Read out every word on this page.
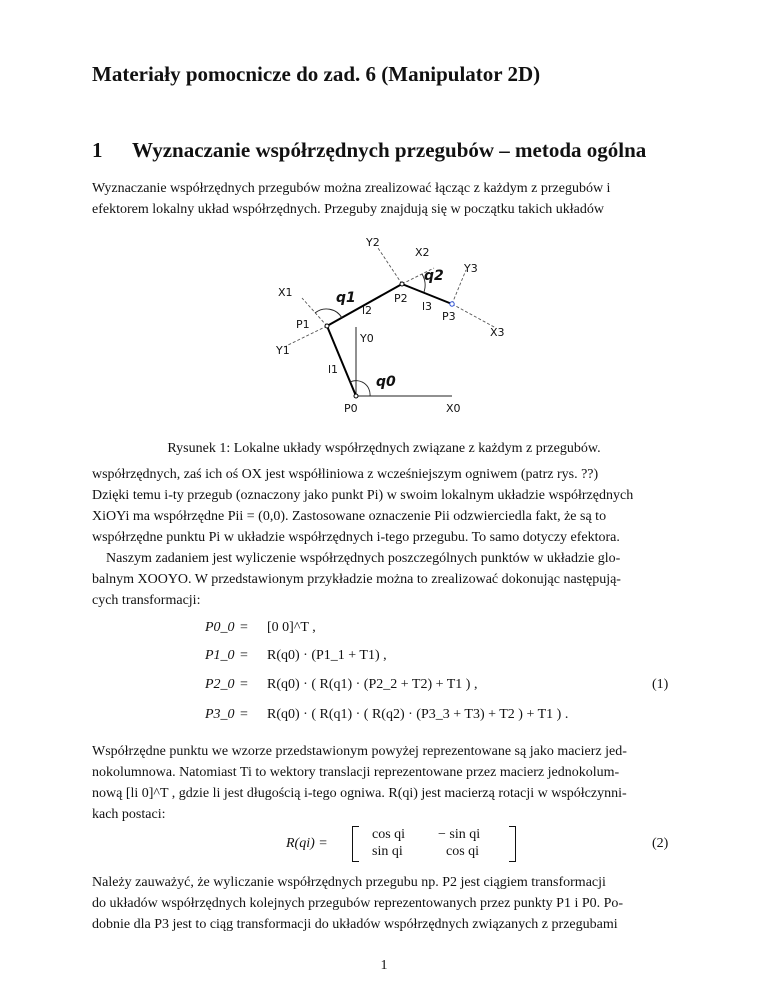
Materiały pomocnicze do zad. 6 (Manipulator 2D)
1 Wyznaczanie współrzędnych przegubów – metoda ogólna
Wyznaczanie współrzędnych przegubów można zrealizować łącząc z każdym z przegubów i
efektorem lokalny układ współrzędnych. Przeguby znajdują się w początku takich układów
Y2
X2
Y3
X3
X1
Y1
Y0
X0
l1
l2	l3
P0
P1
P2
P3
q1
q2
q0
Rysunek 1: Lokalne układy współrzędnych związane z każdym z przegubów.
współrzędnych, zaś ich oś OX jest współliniowa z wcześniejszym ogniwem (patrz rys. ??)
Dzięki temu i-ty przegub (oznaczony jako punkt Pi) w swoim lokalnym układzie współrzędnych
XiOYi ma współrzędne Pii = (0,0). Zastosowane oznaczenie Pii odzwierciedla fakt, że są to
współrzędne punktu Pi w układzie współrzędnych i-tego przegubu. To samo dotyczy efektora.
Naszym zadaniem jest wyliczenie współrzędnych poszczególnych punktów w układzie glo-
balnym XOOYO. W przedstawionym przykładzie można to zrealizować dokonując następują-
cych transformacji:
P0_0 = [0 0]^T ,
P1_0 = R(q0) · (P1_1 + T1) ,
P2_0 = R(q0) · ( R(q1) · (P2_2 + T2) + T1 ) ,
P3_0 = R(q0) · ( R(q1) · ( R(q2) · (P3_3 + T3) + T2 ) + T1 ) .
(1)
Współrzędne punktu we wzorze przedstawionym powyżej reprezentowane są jako macierz jed-
nokolumnowa. Natomiast Ti to wektory translacji reprezentowane przez macierz jednokolum-
nową [li 0]^T , gdzie li jest długością i-tego ogniwa. R(qi) jest macierzą rotacji w współczynni-
kach postaci:
R(qi) =
cos qi − sin qi
sin qi	cos qi
(2)
Należy zauważyć, że wyliczanie współrzędnych przegubu np. P2 jest ciągiem transformacji
do układów współrzędnych kolejnych przegubów reprezentowanych przez punkty P1 i P0. Po-
dobnie dla P3 jest to ciąg transformacji do układów współrzędnych związanych z przegubami
1
